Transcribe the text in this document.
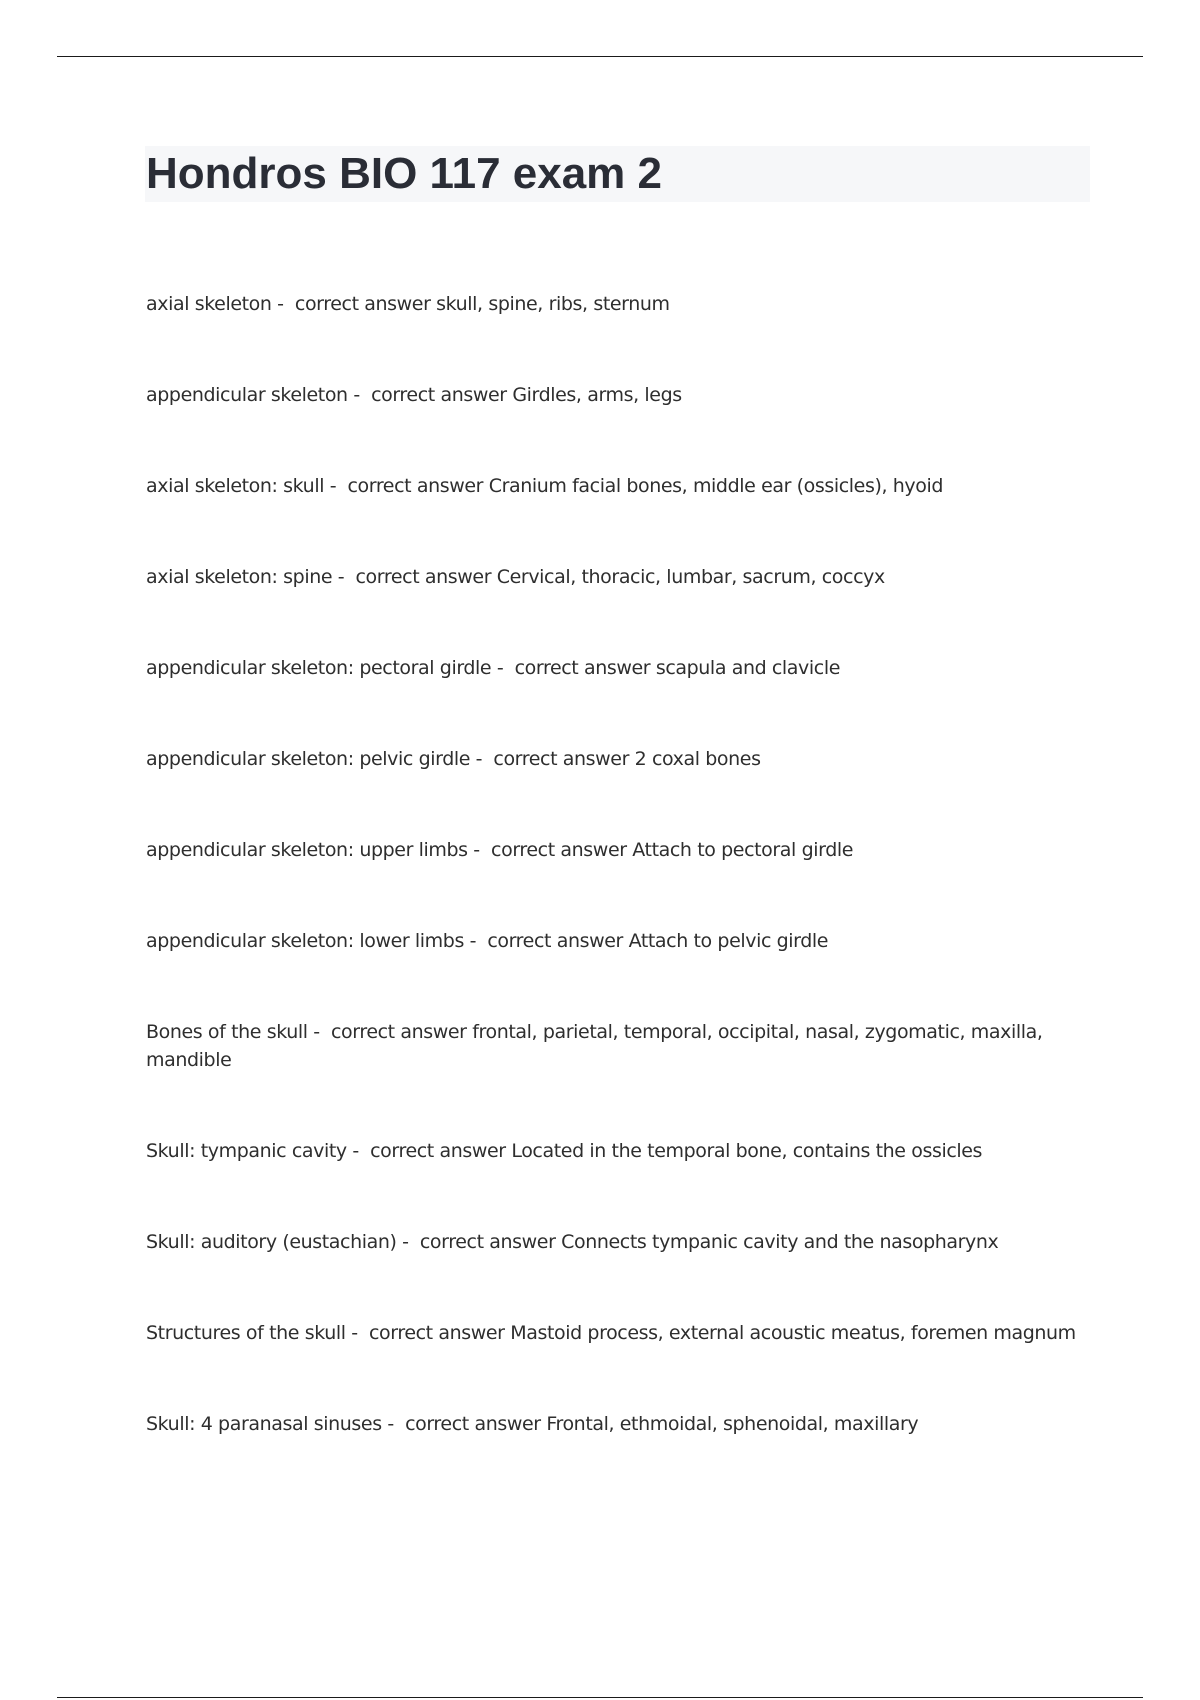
Hondros BIO 117 exam 2
axial skeleton -  correct answer skull, spine, ribs, sternum
appendicular skeleton -  correct answer Girdles, arms, legs
axial skeleton: skull -  correct answer Cranium facial bones, middle ear (ossicles), hyoid
axial skeleton: spine -  correct answer Cervical, thoracic, lumbar, sacrum, coccyx
appendicular skeleton: pectoral girdle -  correct answer scapula and clavicle
appendicular skeleton: pelvic girdle -  correct answer 2 coxal bones
appendicular skeleton: upper limbs -  correct answer Attach to pectoral girdle
appendicular skeleton: lower limbs -  correct answer Attach to pelvic girdle
Bones of the skull -  correct answer frontal, parietal, temporal, occipital, nasal, zygomatic, maxilla, mandible
Skull: tympanic cavity -  correct answer Located in the temporal bone, contains the ossicles
Skull: auditory (eustachian) -  correct answer Connects tympanic cavity and the nasopharynx
Structures of the skull -  correct answer Mastoid process, external acoustic meatus, foremen magnum
Skull: 4 paranasal sinuses -  correct answer Frontal, ethmoidal, sphenoidal, maxillary
